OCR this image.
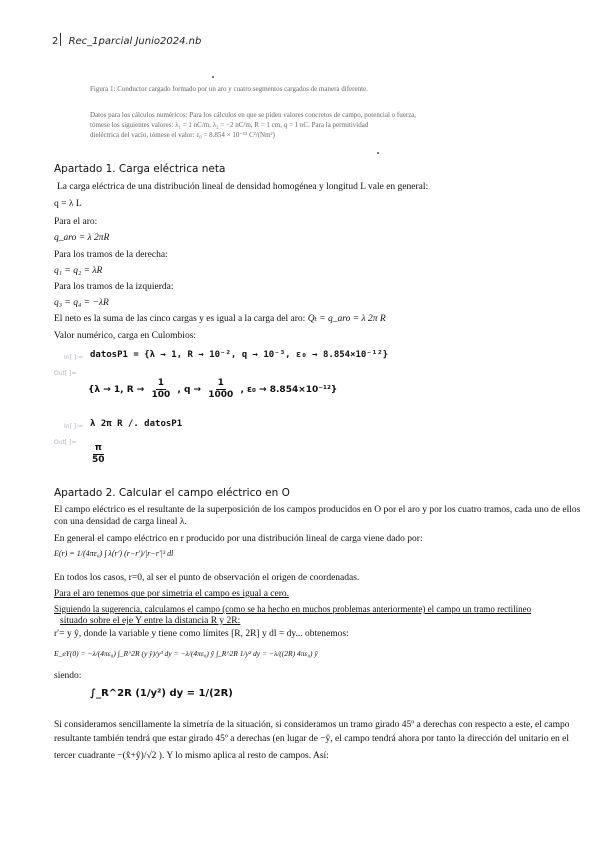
2 Rec_1parcial Junio2024.nb
Figura 1: Conductor cargado formado por un aro y cuatro segmentos cargados de manera diferente.
Datos para los cálculos numéricos: Para los cálculos en que se piden valores concretos de campo, potencial o fuerza,
tómese los siguientes valores: λ₁ = 1 nC/m, λ₂ = −2 nC/m, R = 1 cm, q = 1 nC. Para la permitividad
dieléctrica del vacío, tómese el valor: ε₀ = 8.854 × 10⁻¹² C²/(Nm²)
Apartado 1. Carga eléctrica neta
La carga eléctrica de una distribución lineal de densidad homogénea y longitud L vale en general:
q = λ L
Para el aro:
q_aro = λ 2πR
Para los tramos de la derecha:
q₁ = q₂ = λR
Para los tramos de la izquierda:
q₃ = q₄ = −λR
El neto es la suma de las cinco cargas y es igual a la carga del aro: Qₜ = q_aro = λ 2π R
Valor numérico, carga en Culombios:
In[ ]:= datosP1 = {λ → 1, R → 10⁻², q → 10⁻³, ε₀ → 8.854×10⁻¹²}
Out[ ]=
{λ → 1, $R \to \frac{1}{100}$ , $q \to \frac{1}{1000}$ , ε₀ → 8.854×10⁻¹²}
In[ ]:= λ 2π R /. datosP1
Out[ ]=
$\frac{\pi}{50}$
Apartado 2. Calcular el campo eléctrico en O
El campo eléctrico es el resultante de la superposición de los campos producidos en O por el aro y por los cuatro tramos, cada uno de ellos
con una densidad de carga lineal λ.
En general el campo eléctrico en r producido por una distribución lineal de carga viene dado por:
E(r) = 1/(4πε₀) ∫ λ(r′) (r−r′)/|r−r′|³ dl
En todos los casos, r=0, al ser el punto de observación el origen de coordenadas.
Para el aro tenemos que por simetría el campo es igual a cero.
Siguiendo la sugerencia, calculamos el campo (como se ha hecho en muchos problemas anteriormente) el campo un tramo rectilíneo
situado sobre el eje Y entre la distancia R y 2R:
r′= y ŷ, donde la variable y tiene como límites [R, 2R] y dl = dy... obtenemos:
E_eY(0) = −λ/(4πε₀) ∫_R^2R (y ŷ)/y³ dy = −λ/(4πε₀) ŷ ∫_R^2R 1/y² dy = −λ/((2R) 4πε₀) ŷ
siendo:
∫_R^2R (1/y²) dy = 1/(2R)
Si consideramos sencillamente la simetría de la situación, si consideramos un tramo girado 45º a derechas con respecto a este, el campo
resultante también tendrá que estar girado 45º a derechas (en lugar de −ŷ, el campo tendrá ahora por tanto la dirección del unitario en el
tercer cuadrante −(x̂+ŷ)/√2 ). Y lo mismo aplica al resto de campos. Así:
